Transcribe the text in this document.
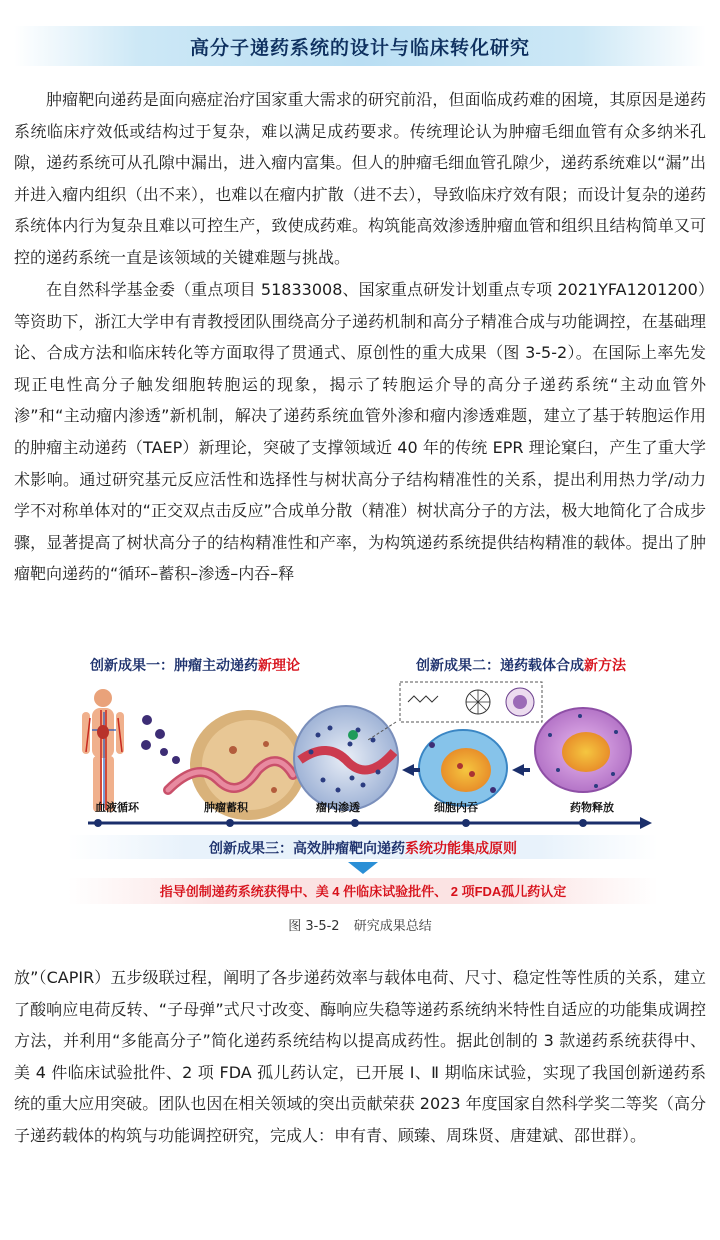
高分子递药系统的设计与临床转化研究

肿瘤靶向递药是面向癌症治疗国家重大需求的研究前沿，但面临成药难的困境，其原因是递药系统临床疗效低或结构过于复杂，难以满足成药要求。传统理论认为肿瘤毛细血管有众多纳米孔隙，递药系统可从孔隙中漏出，进入瘤内富集。但人的肿瘤毛细血管孔隙少，递药系统难以“漏”出并进入瘤内组织（出不来），也难以在瘤内扩散（进不去），导致临床疗效有限；而设计复杂的递药系统体内行为复杂且难以可控生产，致使成药难。构筑能高效渗透肿瘤血管和组织且结构简单又可控的递药系统一直是该领域的关键难题与挑战。

在自然科学基金委（重点项目 51833008、国家重点研发计划重点专项 2021YFA1201200）等资助下，浙江大学申有青教授团队围绕高分子递药机制和高分子精准合成与功能调控，在基础理论、合成方法和临床转化等方面取得了贯通式、原创性的重大成果（图 3-5-2）。在国际上率先发现正电性高分子触发细胞转胞运的现象，揭示了转胞运介导的高分子递药系统“主动血管外渗”和“主动瘤内渗透”新机制，解决了递药系统血管外渗和瘤内渗透难题，建立了基于转胞运作用的肿瘤主动递药（TAEP）新理论，突破了支撑领域近 40 年的传统 EPR 理论窠臼，产生了重大学术影响。通过研究基元反应活性和选择性与树状高分子结构精准性的关系，提出利用热力学/动力学不对称单体对的“正交双点击反应”合成单分散（精准）树状高分子的方法，极大地简化了合成步骤，显著提高了树状高分子的结构精准性和产率，为构筑递药系统提供结构精准的载体。提出了肿瘤靶向递药的“循环–蓄积–渗透–内吞–释

创新成果一：肿瘤主动递药新理论	创新成果二：递药载体合成新方法
血液循环	肿瘤蓄积	瘤内渗透	细胞内吞	药物释放
创新成果三：高效肿瘤靶向递药系统功能集成原则
指导创制递药系统获得中、美 4 件临床试验批件、 2 项FDA孤儿药认定
图 3-5-2 研究成果总结

放”（CAPIR）五步级联过程，阐明了各步递药效率与载体电荷、尺寸、稳定性等性质的关系，建立了酸响应电荷反转、“子母弹”式尺寸改变、酶响应失稳等递药系统纳米特性自适应的功能集成调控方法，并利用“多能高分子”简化递药系统结构以提高成药性。据此创制的 3 款递药系统获得中、美 4 件临床试验批件、2 项 FDA 孤儿药认定，已开展 Ⅰ、Ⅱ 期临床试验，实现了我国创新递药系统的重大应用突破。团队也因在相关领域的突出贡献荣获 2023 年度国家自然科学奖二等奖（高分子递药载体的构筑与功能调控研究，完成人：申有青、顾臻、周珠贤、唐建斌、邵世群）。
